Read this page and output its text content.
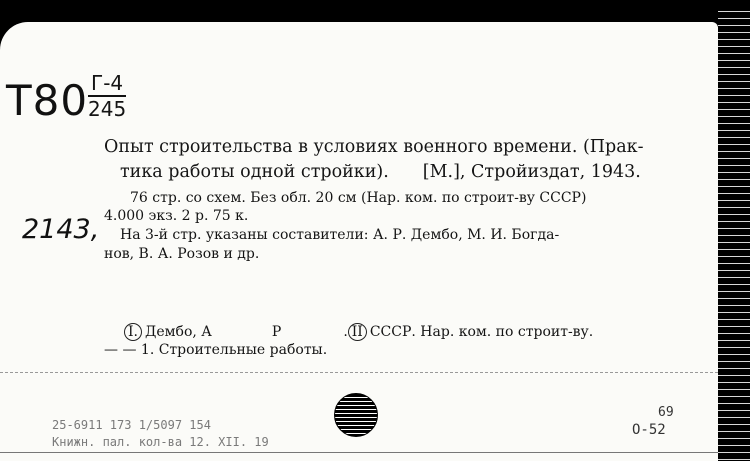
T80 Г-4
245
2143,
Опыт строительства в условиях военного времени. (Прак-
тика работы одной стройки). [М.], Стройиздат, 1943.
76 стр. со схем. Без обл. 20 см (Нар. ком. по строит-ву СССР)
4.000 экз. 2 р. 75 к.
На 3-й стр. указаны составители: А. Р. Дембо, М. И. Богда-
нов, В. А. Розов и др.
I. Дембо, А	Р	. II СССР. Нар. ком. по строит-ву.
— — 1. Строительные работы.
25-6911 173 1/5097 154
Книжн. пал. кол-ва 12. XII. 19
69
O-52
